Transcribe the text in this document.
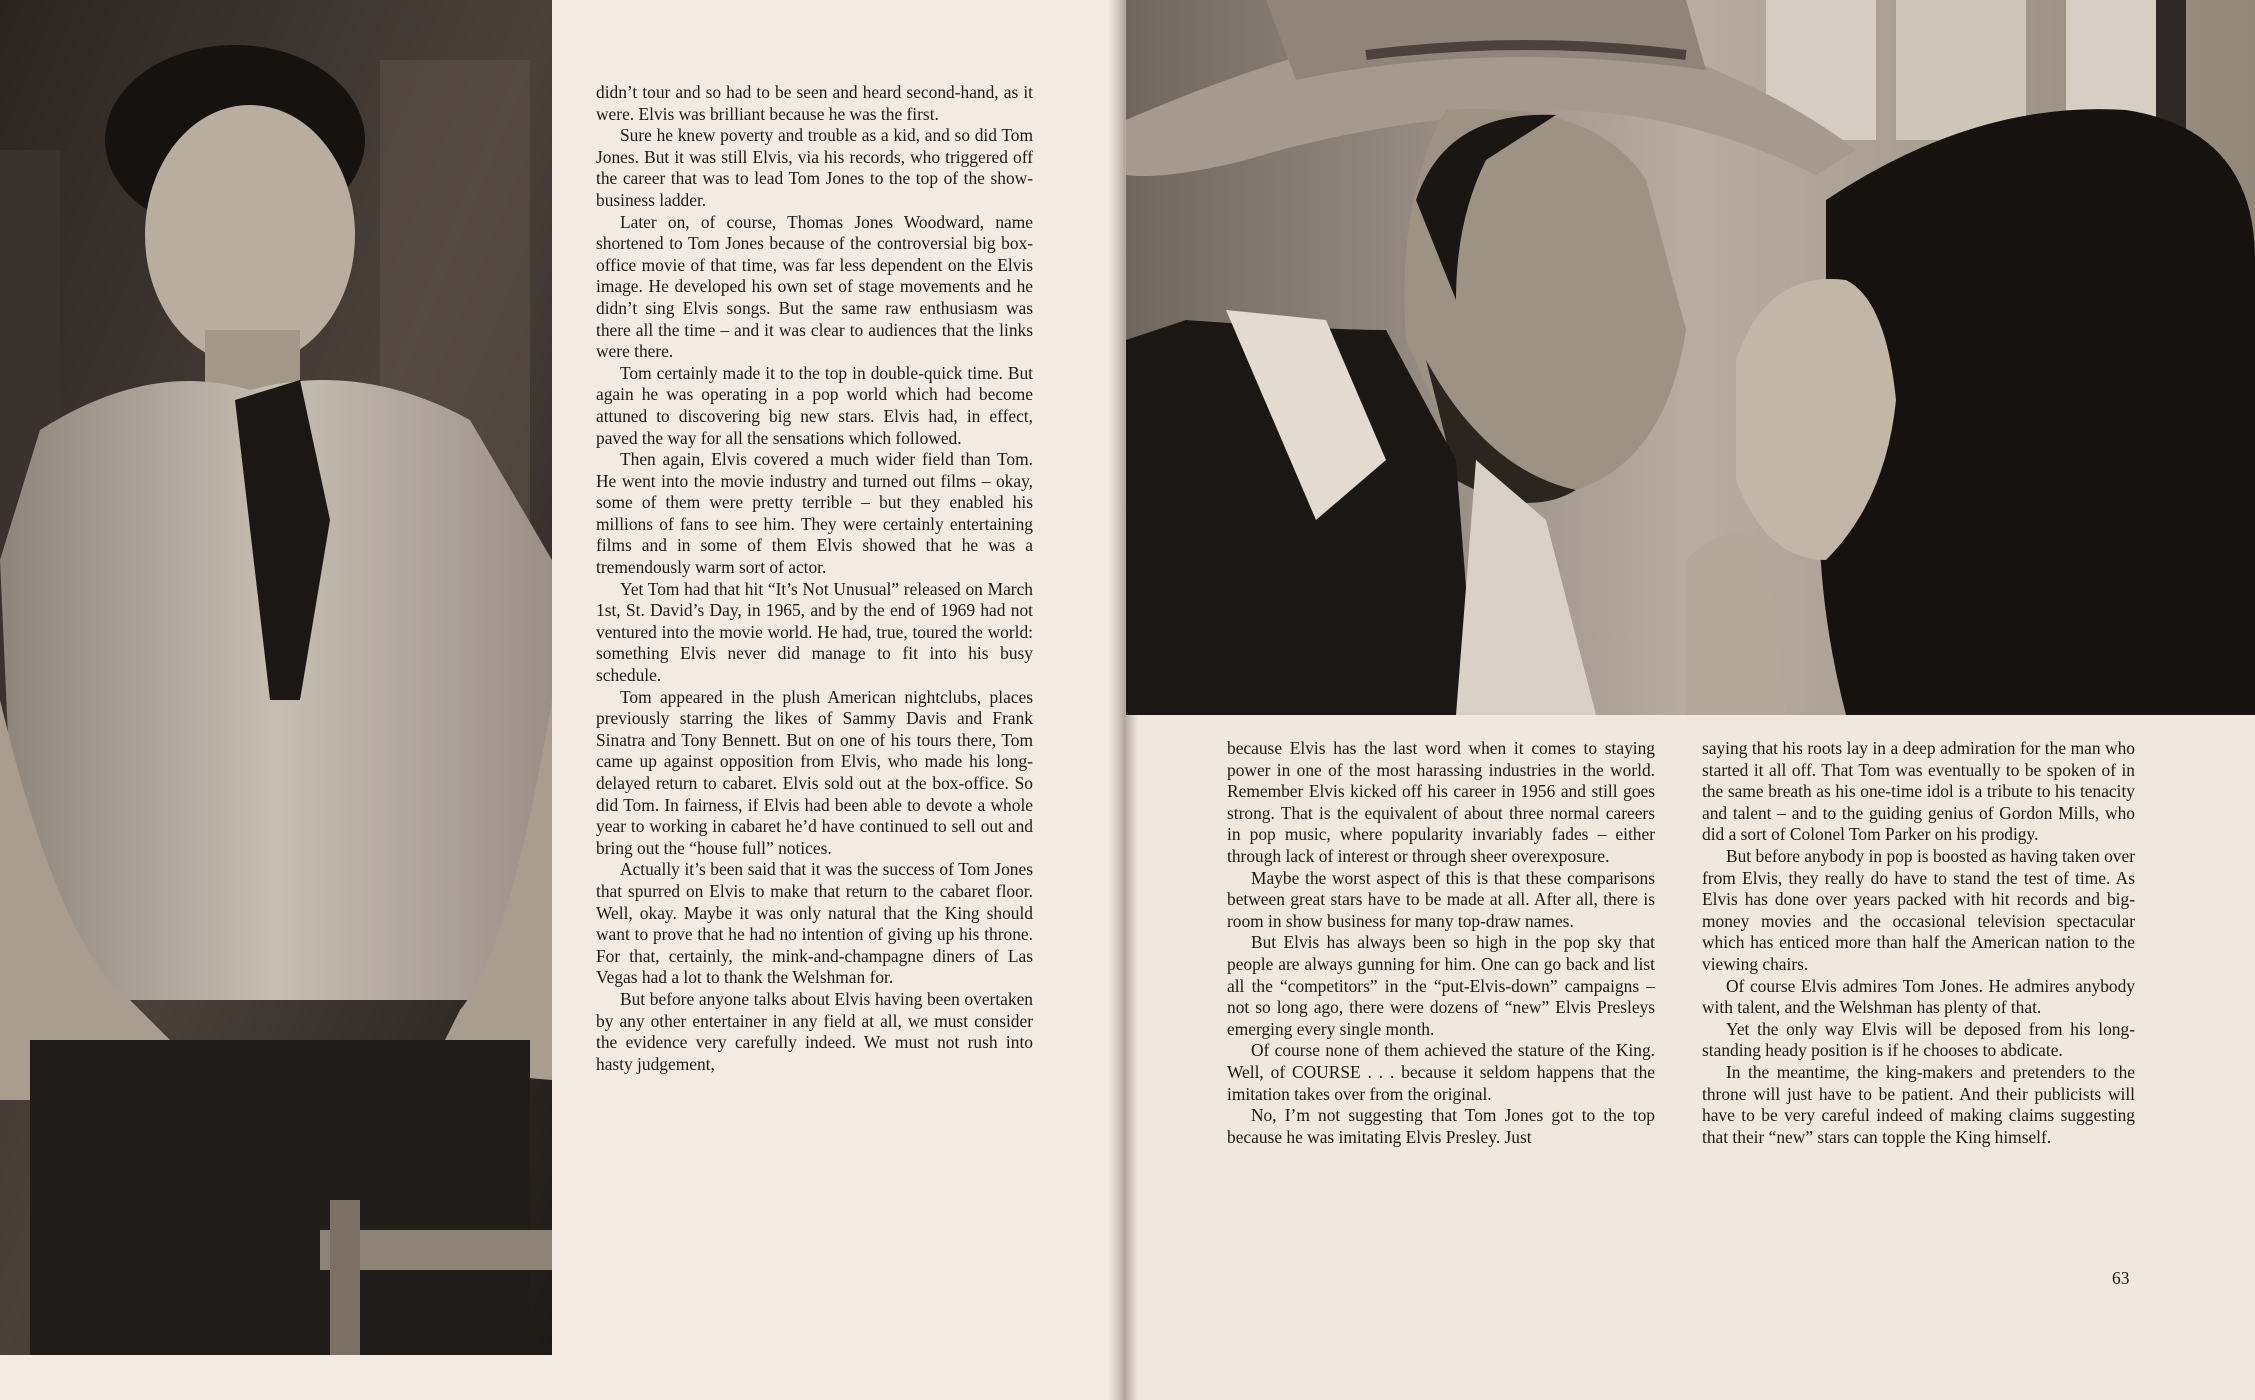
didn’t tour and so had to be seen and heard second-hand, as it were. Elvis was brilliant because he was the first.

Sure he knew poverty and trouble as a kid, and so did Tom Jones. But it was still Elvis, via his records, who triggered off the career that was to lead Tom Jones to the top of the show-business ladder.

Later on, of course, Thomas Jones Woodward, name shortened to Tom Jones because of the controversial big box-office movie of that time, was far less dependent on the Elvis image. He developed his own set of stage movements and he didn’t sing Elvis songs. But the same raw enthusiasm was there all the time – and it was clear to audiences that the links were there.

Tom certainly made it to the top in double-quick time. But again he was operating in a pop world which had become attuned to discovering big new stars. Elvis had, in effect, paved the way for all the sensations which followed.

Then again, Elvis covered a much wider field than Tom. He went into the movie industry and turned out films – okay, some of them were pretty terrible – but they enabled his millions of fans to see him. They were certainly entertaining films and in some of them Elvis showed that he was a tremendously warm sort of actor.

Yet Tom had that hit “It’s Not Unusual” released on March 1st, St. David’s Day, in 1965, and by the end of 1969 had not ventured into the movie world. He had, true, toured the world: something Elvis never did manage to fit into his busy schedule.

Tom appeared in the plush American nightclubs, places previously starring the likes of Sammy Davis and Frank Sinatra and Tony Bennett. But on one of his tours there, Tom came up against opposition from Elvis, who made his long-delayed return to cabaret. Elvis sold out at the box-office. So did Tom. In fairness, if Elvis had been able to devote a whole year to working in cabaret he’d have continued to sell out and bring out the “house full” notices.

Actually it’s been said that it was the success of Tom Jones that spurred on Elvis to make that return to the cabaret floor. Well, okay. Maybe it was only natural that the King should want to prove that he had no intention of giving up his throne. For that, certainly, the mink-and-champagne diners of Las Vegas had a lot to thank the Welshman for.

But before anyone talks about Elvis having been overtaken by any other entertainer in any field at all, we must consider the evidence very carefully indeed. We must not rush into hasty judgement,

because Elvis has the last word when it comes to staying power in one of the most harassing industries in the world. Remember Elvis kicked off his career in 1956 and still goes strong. That is the equivalent of about three normal careers in pop music, where popularity invariably fades – either through lack of interest or through sheer overexposure.

Maybe the worst aspect of this is that these comparisons between great stars have to be made at all. After all, there is room in show business for many top-draw names.

But Elvis has always been so high in the pop sky that people are always gunning for him. One can go back and list all the “competitors” in the “put-Elvis-down” campaigns – not so long ago, there were dozens of “new” Elvis Presleys emerging every single month.

Of course none of them achieved the stature of the King. Well, of COURSE . . . because it seldom happens that the imitation takes over from the original.

No, I’m not suggesting that Tom Jones got to the top because he was imitating Elvis Presley. Just

saying that his roots lay in a deep admiration for the man who started it all off. That Tom was eventually to be spoken of in the same breath as his one-time idol is a tribute to his tenacity and talent – and to the guiding genius of Gordon Mills, who did a sort of Colonel Tom Parker on his prodigy.

But before anybody in pop is boosted as having taken over from Elvis, they really do have to stand the test of time. As Elvis has done over years packed with hit records and big-money movies and the occasional television spectacular which has enticed more than half the American nation to the viewing chairs.

Of course Elvis admires Tom Jones. He admires anybody with talent, and the Welshman has plenty of that.

Yet the only way Elvis will be deposed from his long-standing heady position is if he chooses to abdicate.

In the meantime, the king-makers and pretenders to the throne will just have to be patient. And their publicists will have to be very careful indeed of making claims suggesting that their “new” stars can topple the King himself.

63
